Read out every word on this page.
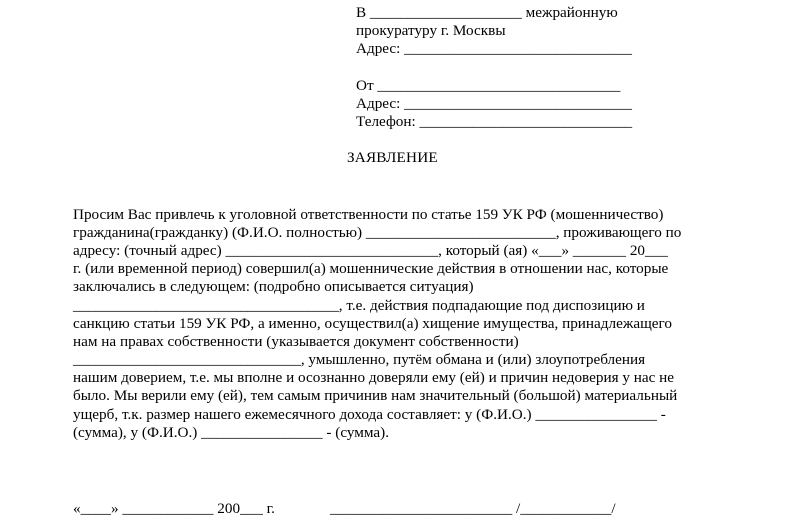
В ____________________ межрайонную
прокуратуру г. Москвы
Адрес: ______________________________
От ________________________________
Адрес: ______________________________
Телефон: ____________________________
ЗАЯВЛЕНИЕ
Просим Вас привлечь к уголовной ответственности по статье 159 УК РФ (мошенничество)
гражданина(гражданку) (Ф.И.О. полностью) _________________________, проживающего по
адресу: (точный адрес) ____________________________, который (ая) «___» _______ 20___
г. (или временной период) совершил(а) мошеннические действия в отношении нас, которые
заключались в следующем: (подробно описывается ситуация)
___________________________________, т.е. действия подпадающие под диспозицию и
санкцию статьи 159 УК РФ, а именно, осуществил(а) хищение имущества, принадлежащего
нам на правах собственности (указывается документ собственности)
______________________________, умышленно, путём обмана и (или) злоупотребления
нашим доверием, т.е. мы вполне и осознанно доверяли ему (ей) и причин недоверия у нас не
было. Мы верили ему (ей), тем самым причинив нам значительный (большой) материальный
ущерб, т.к. размер нашего ежемесячного дохода составляет: у (Ф.И.О.) ________________ -
(сумма), у (Ф.И.О.) ________________ - (сумма).
«____» ____________ 200___ г.	________________________ /____________/
